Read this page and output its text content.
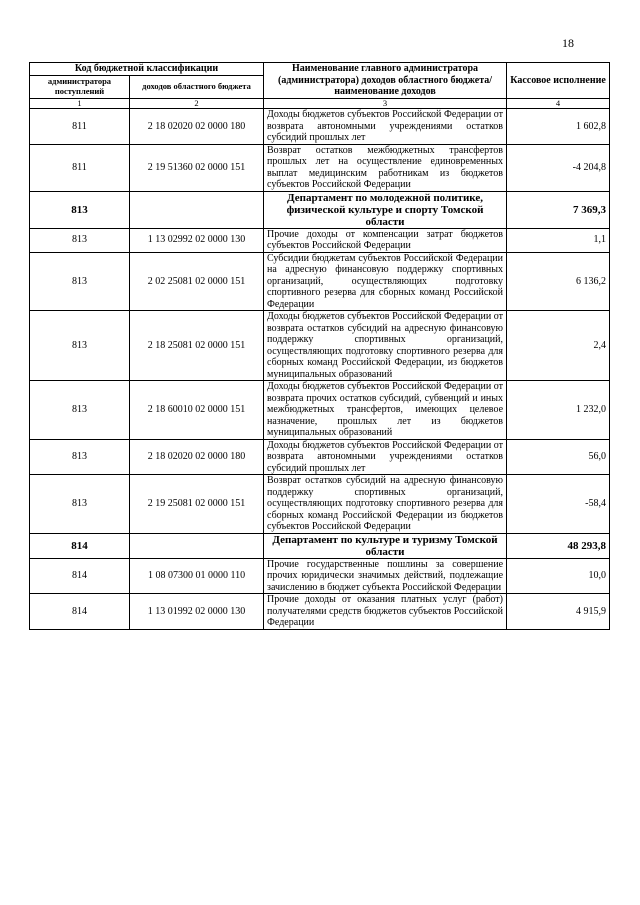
18
Код бюджетной классификации		Наименование главного администратора (администратора) доходов областного бюджета/ наименование доходов	Кассовое исполнение
администратора поступлений	доходов областного бюджета		
1	2	3	4
811	2 18 02020 02 0000 180	Доходы бюджетов субъектов Российской Федерации от возврата автономными учреждениями остатков субсидий прошлых лет	1 602,8
811	2 19 51360 02 0000 151	Возврат остатков межбюджетных трансфертов прошлых лет на осуществление единовременных выплат медицинским работникам из бюджетов субъектов Российской Федерации	-4 204,8
813		Департамент по молодежной политике, физической культуре и спорту Томской области	7 369,3
813	1 13 02992 02 0000 130	Прочие доходы от компенсации затрат бюджетов субъектов Российской Федерации	1,1
813	2 02 25081 02 0000 151	Субсидии бюджетам субъектов Российской Федерации на адресную финансовую поддержку спортивных организаций, осуществляющих подготовку спортивного резерва для сборных команд Российской Федерации	6 136,2
813	2 18 25081 02 0000 151	Доходы бюджетов субъектов Российской Федерации от возврата остатков субсидий на адресную финансовую поддержку спортивных организаций, осуществляющих подготовку спортивного резерва для сборных команд Российской Федерации, из бюджетов муниципальных образований	2,4
813	2 18 60010 02 0000 151	Доходы бюджетов субъектов Российской Федерации от возврата прочих остатков субсидий, субвенций и иных межбюджетных трансфертов, имеющих целевое назначение, прошлых лет из бюджетов муниципальных образований	1 232,0
813	2 18 02020 02 0000 180	Доходы бюджетов субъектов Российской Федерации от возврата автономными учреждениями остатков субсидий прошлых лет	56,0
813	2 19 25081 02 0000 151	Возврат остатков субсидий на адресную финансовую поддержку спортивных организаций, осуществляющих подготовку спортивного резерва для сборных команд Российской Федерации из бюджетов субъектов Российской Федерации	-58,4
814		Департамент по культуре и туризму Томской области	48 293,8
814	1 08 07300 01 0000 110	Прочие государственные пошлины за совершение прочих юридически значимых действий, подлежащие зачислению в бюджет субъекта Российской Федерации	10,0
814	1 13 01992 02 0000 130	Прочие доходы от оказания платных услуг (работ) получателями средств бюджетов субъектов Российской Федерации	4 915,9
